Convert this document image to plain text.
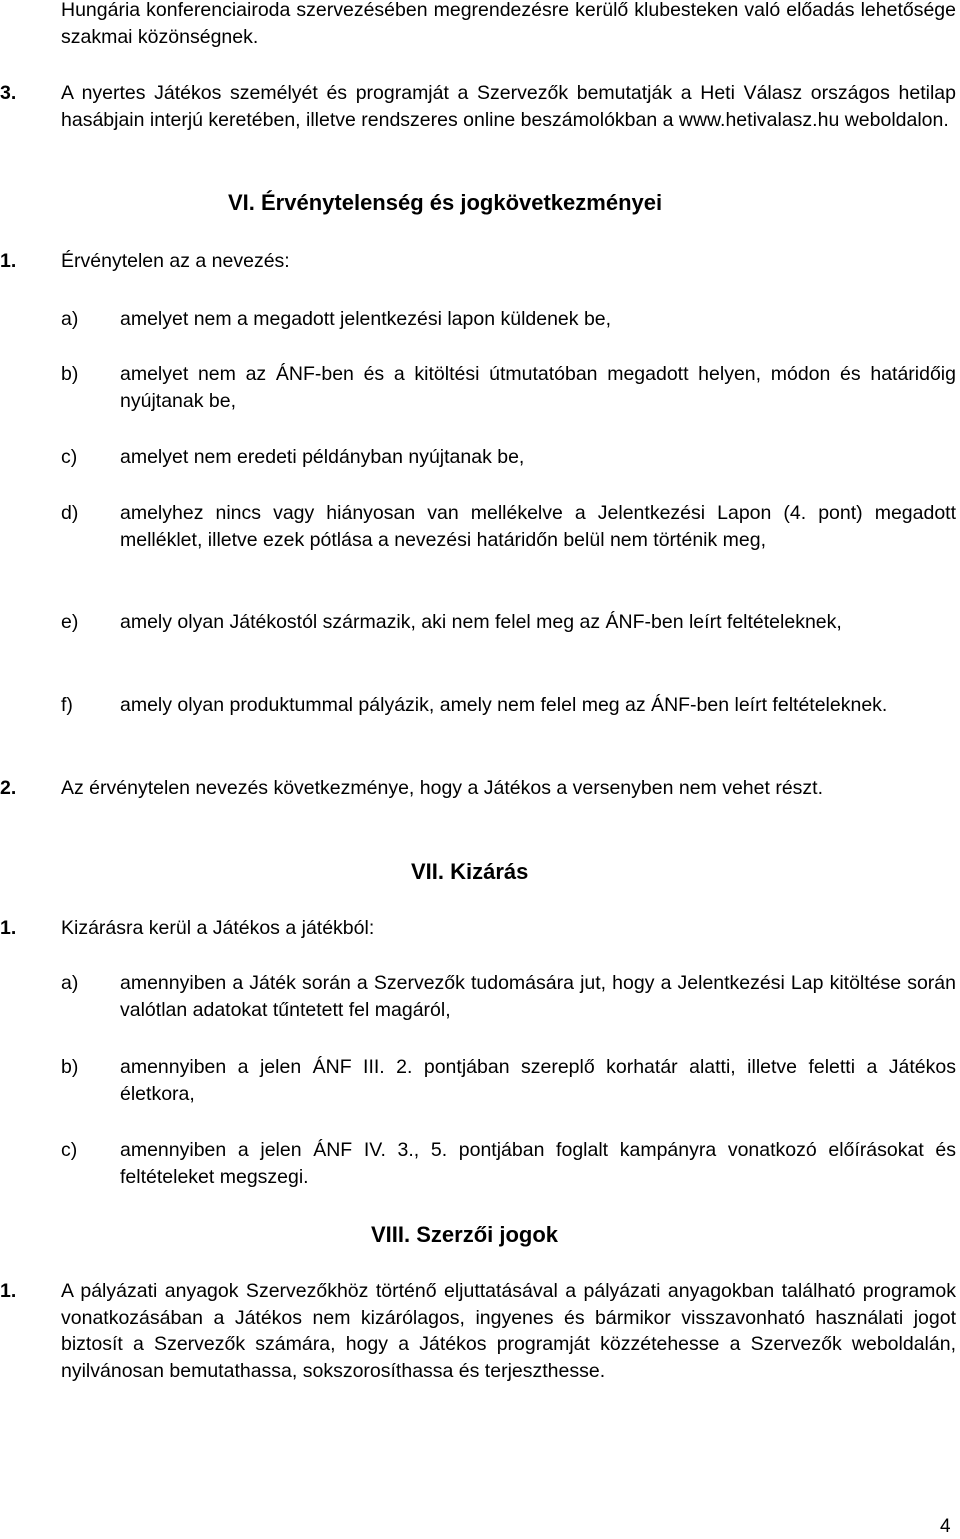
Hungária konferenciairoda szervezésében megrendezésre kerülő klubesteken való előadás lehetősége szakmai közönségnek.
3. A nyertes Játékos személyét és programját a Szervezők bemutatják a Heti Válasz országos hetilap hasábjain interjú keretében, illetve rendszeres online beszámolókban a www.hetivalasz.hu weboldalon.
VI. Érvénytelenség és jogkövetkezményei
1. Érvénytelen az a nevezés:
a) amelyet nem a megadott jelentkezési lapon küldenek be,
b) amelyet nem az ÁNF-ben és a kitöltési útmutatóban megadott helyen, módon és határidőig nyújtanak be,
c) amelyet nem eredeti példányban nyújtanak be,
d) amelyhez nincs vagy hiányosan van mellékelve a Jelentkezési Lapon (4. pont) megadott melléklet, illetve ezek pótlása a nevezési határidőn belül nem történik meg,
e) amely olyan Játékostól származik, aki nem felel meg az ÁNF-ben leírt feltételeknek,
f) amely olyan produktummal pályázik, amely nem felel meg az ÁNF-ben leírt feltételeknek.
2. Az érvénytelen nevezés következménye, hogy a Játékos a versenyben nem vehet részt.
VII. Kizárás
1. Kizárásra kerül a Játékos a játékból:
a) amennyiben a Játék során a Szervezők tudomására jut, hogy a Jelentkezési Lap kitöltése során valótlan adatokat tűntetett fel magáról,
b) amennyiben a jelen ÁNF III. 2. pontjában szereplő korhatár alatti, illetve feletti a Játékos életkora,
c) amennyiben a jelen ÁNF IV. 3., 5. pontjában foglalt kampányra vonatkozó előírásokat és feltételeket megszegi.
VIII. Szerzői jogok
1. A pályázati anyagok Szervezőkhöz történő eljuttatásával a pályázati anyagokban található programok vonatkozásában a Játékos nem kizárólagos, ingyenes és bármikor visszavonható használati jogot biztosít a Szervezők számára, hogy a Játékos programját közzétehesse a Szervezők weboldalán, nyilvánosan bemutathassa, sokszorosíthassa és terjeszthesse.
4
